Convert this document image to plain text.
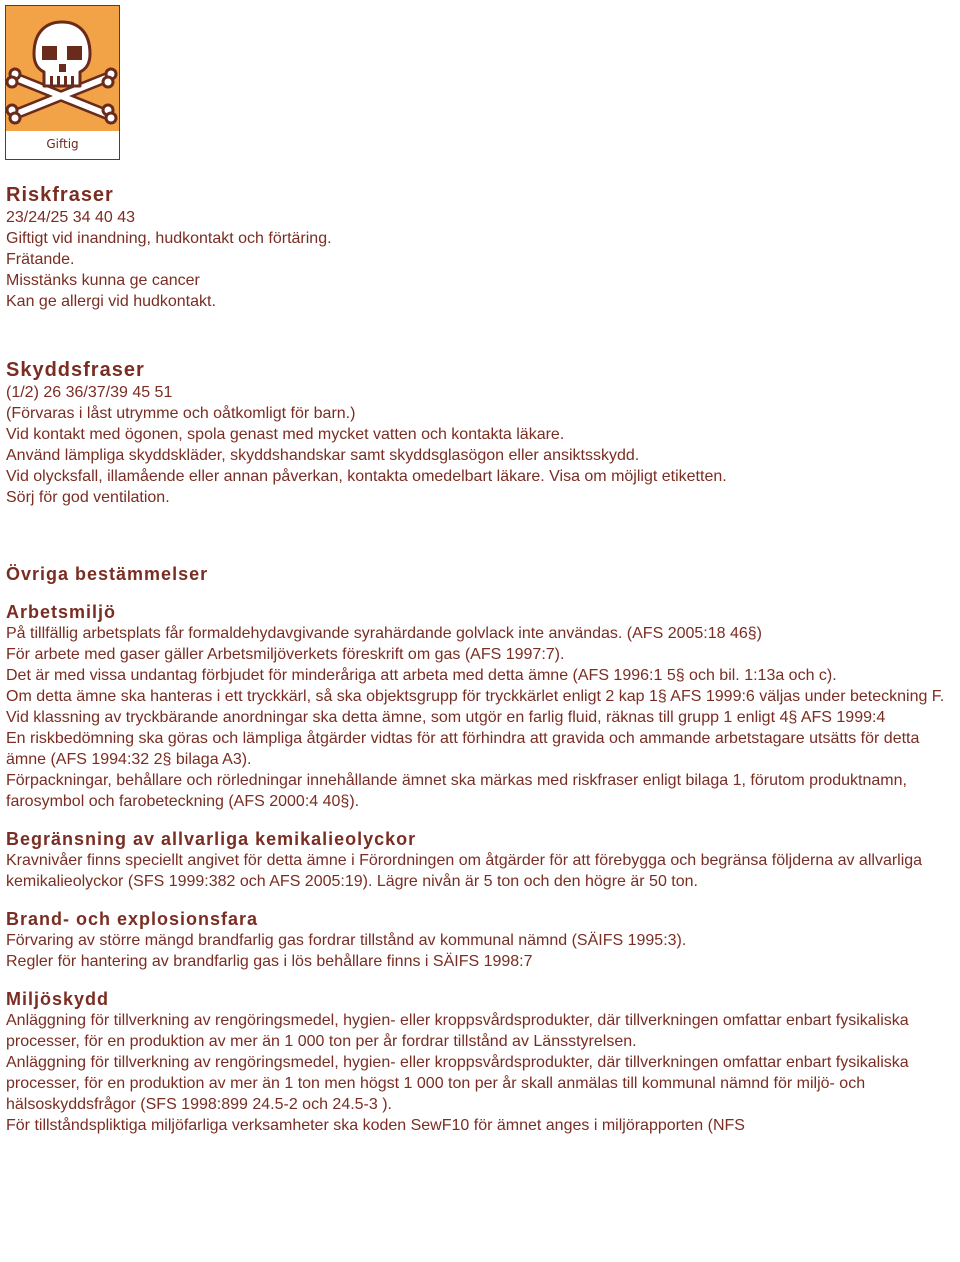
Giftig
Riskfraser
23/24/25 34 40 43
Giftigt vid inandning, hudkontakt och förtäring.
Frätande.
Misstänks kunna ge cancer
Kan ge allergi vid hudkontakt.
Skyddsfraser
(1/2) 26 36/37/39 45 51
(Förvaras i låst utrymme och oåtkomligt för barn.)
Vid kontakt med ögonen, spola genast med mycket vatten och kontakta läkare.
Använd lämpliga skyddskläder, skyddshandskar samt skyddsglasögon eller ansiktsskydd.
Vid olycksfall, illamående eller annan påverkan, kontakta omedelbart läkare. Visa om möjligt etiketten.
Sörj för god ventilation.
Övriga bestämmelser
Arbetsmiljö
På tillfällig arbetsplats får formaldehydavgivande syrahärdande golvlack inte användas. (AFS 2005:18 46§)
För arbete med gaser gäller Arbetsmiljöverkets föreskrift om gas (AFS 1997:7).
Det är med vissa undantag förbjudet för minderåriga att arbeta med detta ämne (AFS 1996:1 5§ och bil. 1:13a och c).
Om detta ämne ska hanteras i ett tryckkärl, så ska objektsgrupp för tryckkärlet enligt 2 kap 1§ AFS 1999:6 väljas under beteckning F.
Vid klassning av tryckbärande anordningar ska detta ämne, som utgör en farlig fluid, räknas till grupp 1 enligt 4§ AFS 1999:4
En riskbedömning ska göras och lämpliga åtgärder vidtas för att förhindra att gravida och ammande arbetstagare utsätts för detta ämne (AFS 1994:32 2§ bilaga A3).
Förpackningar, behållare och rörledningar innehållande ämnet ska märkas med riskfraser enligt bilaga 1, förutom produktnamn, farosymbol och farobeteckning (AFS 2000:4 40§).
Begränsning av allvarliga kemikalieolyckor
Kravnivåer finns speciellt angivet för detta ämne i Förordningen om åtgärder för att förebygga och begränsa följderna av allvarliga kemikalieolyckor (SFS 1999:382 och AFS 2005:19). Lägre nivån är 5 ton och den högre är 50 ton.
Brand- och explosionsfara
Förvaring av större mängd brandfarlig gas fordrar tillstånd av kommunal nämnd (SÄIFS 1995:3).
Regler för hantering av brandfarlig gas i lös behållare finns i SÄIFS 1998:7
Miljöskydd
Anläggning för tillverkning av rengöringsmedel, hygien- eller kroppsvårdsprodukter, där tillverkningen omfattar enbart fysikaliska processer, för en produktion av mer än 1 000 ton per år fordrar tillstånd av Länsstyrelsen.
Anläggning för tillverkning av rengöringsmedel, hygien- eller kroppsvårdsprodukter, där tillverkningen omfattar enbart fysikaliska processer, för en produktion av mer än 1 ton men högst 1 000 ton per år skall anmälas till kommunal nämnd för miljö- och hälsoskyddsfrågor (SFS 1998:899 24.5-2 och 24.5-3 ).
För tillståndspliktiga miljöfarliga verksamheter ska koden SewF10 för ämnet anges i miljörapporten (NFS
